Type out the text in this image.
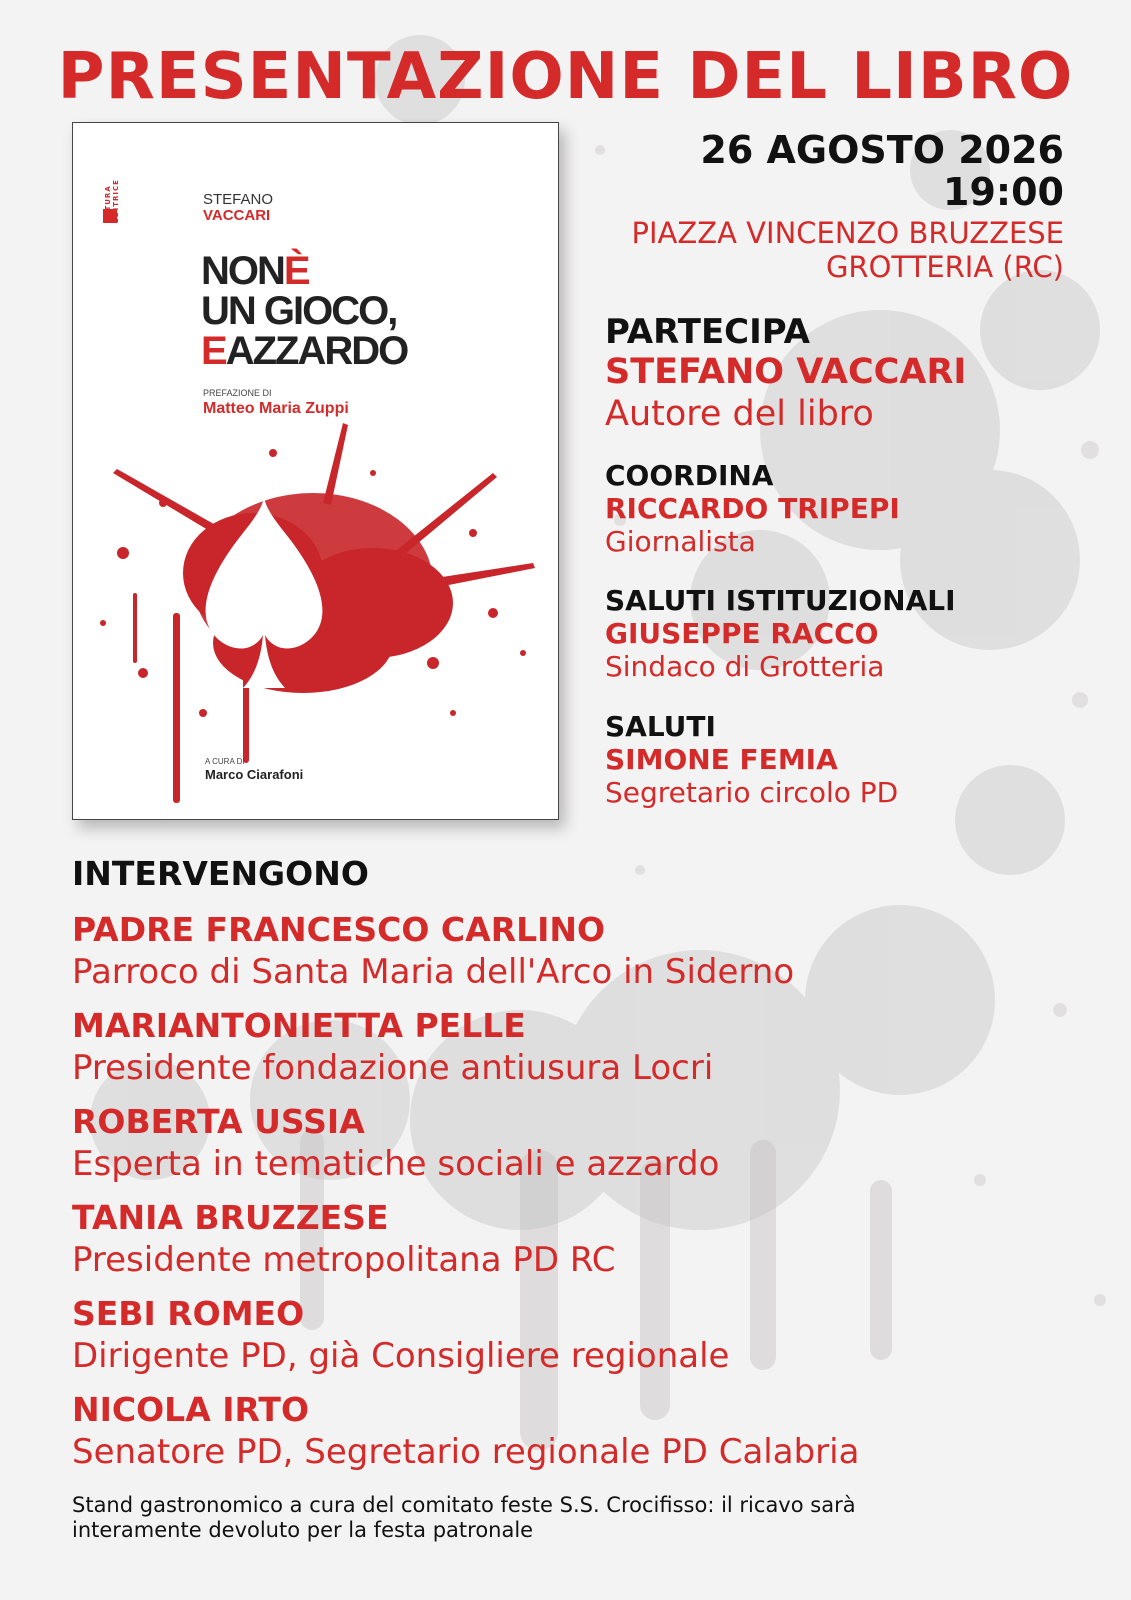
PRESENTAZIONE DEL LIBRO
FUTURA EDITRICE	STEFANO
VACCARI
NONÈ
UN GIOCO,
EAZZARDO
PREFAZIONE DI
Matteo Maria Zuppi
A CURA DI
Marco Ciarafoni
26 AGOSTO 2026
19:00
PIAZZA VINCENZO BRUZZESE
GROTTERIA (RC)
PARTECIPA
STEFANO VACCARI
Autore del libro
COORDINA
RICCARDO TRIPEPI
Giornalista
SALUTI ISTITUZIONALI
GIUSEPPE RACCO
Sindaco di Grotteria
SALUTI
SIMONE FEMIA
Segretario circolo PD
INTERVENGONO
PADRE FRANCESCO CARLINO
Parroco di Santa Maria dell'Arco in Siderno
MARIANTONIETTA PELLE
Presidente fondazione antiusura Locri
ROBERTA USSIA
Esperta in tematiche sociali e azzardo
TANIA BRUZZESE
Presidente metropolitana PD RC
SEBI ROMEO
Dirigente PD, già Consigliere regionale
NICOLA IRTO
Senatore PD, Segretario regionale PD Calabria
Stand gastronomico a cura del comitato feste S.S. Crocifisso: il ricavo sarà
interamente devoluto per la festa patronale
